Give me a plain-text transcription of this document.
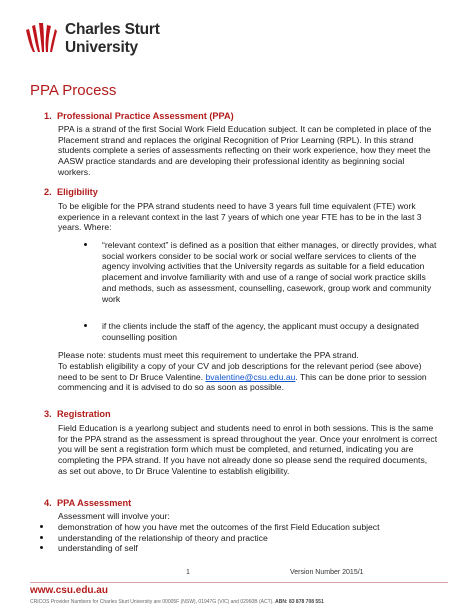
Charles Sturt
University
PPA Process
1. Professional Practice Assessment (PPA)

PPA is a strand of the first Social Work Field Education subject. It can be completed in place of the Placement strand and replaces the original Recognition of Prior Learning (RPL). In this strand students complete a series of assessments reflecting on their work experience, how they meet the AASW practice standards and are developing their professional identity as beginning social workers.

2. Eligibility

To be eligible for the PPA strand students need to have 3 years full time equivalent (FTE) work experience in a relevant context in the last 7 years of which one year FTE has to be in the last 3 years. Where:

“relevant context” is defined as a position that either manages, or directly provides, what social workers consider to be social work or social welfare services to clients of the agency involving activities that the University regards as suitable for a field education placement and involve familiarity with and use of a range of social work practice skills and methods, such as assessment, counselling, casework, group work and community work
if the clients include the staff of the agency, the applicant must occupy a designated counselling position

Please note: students must meet this requirement to undertake the PPA strand.

To establish eligibility a copy of your CV and job descriptions for the relevant period (see above) need to be sent to Dr Bruce Valentine. bvalentine@csu.edu.au. This can be done prior to session commencing and it is advised to do so as soon as possible.

3. Registration

Field Education is a yearlong subject and students need to enrol in both sessions. This is the same for the PPA strand as the assessment is spread throughout the year. Once your enrolment is correct you will be sent a registration form which must be completed, and returned, indicating you are completing the PPA strand. If you have not already done so please send the required documents, as set out above, to Dr Bruce Valentine to establish eligibility.

4. PPA Assessment

Assessment will involve your:

demonstration of how you have met the outcomes of the first Field Education subject
understanding of the relationship of theory and practice
understanding of self
1	Version Number 2015/1
www.csu.edu.au
CRICOS Provider Numbers for Charles Sturt University are 00005F (NSW), 01947G (VIC) and 02960B (ACT). ABN: 83 878 708 551
